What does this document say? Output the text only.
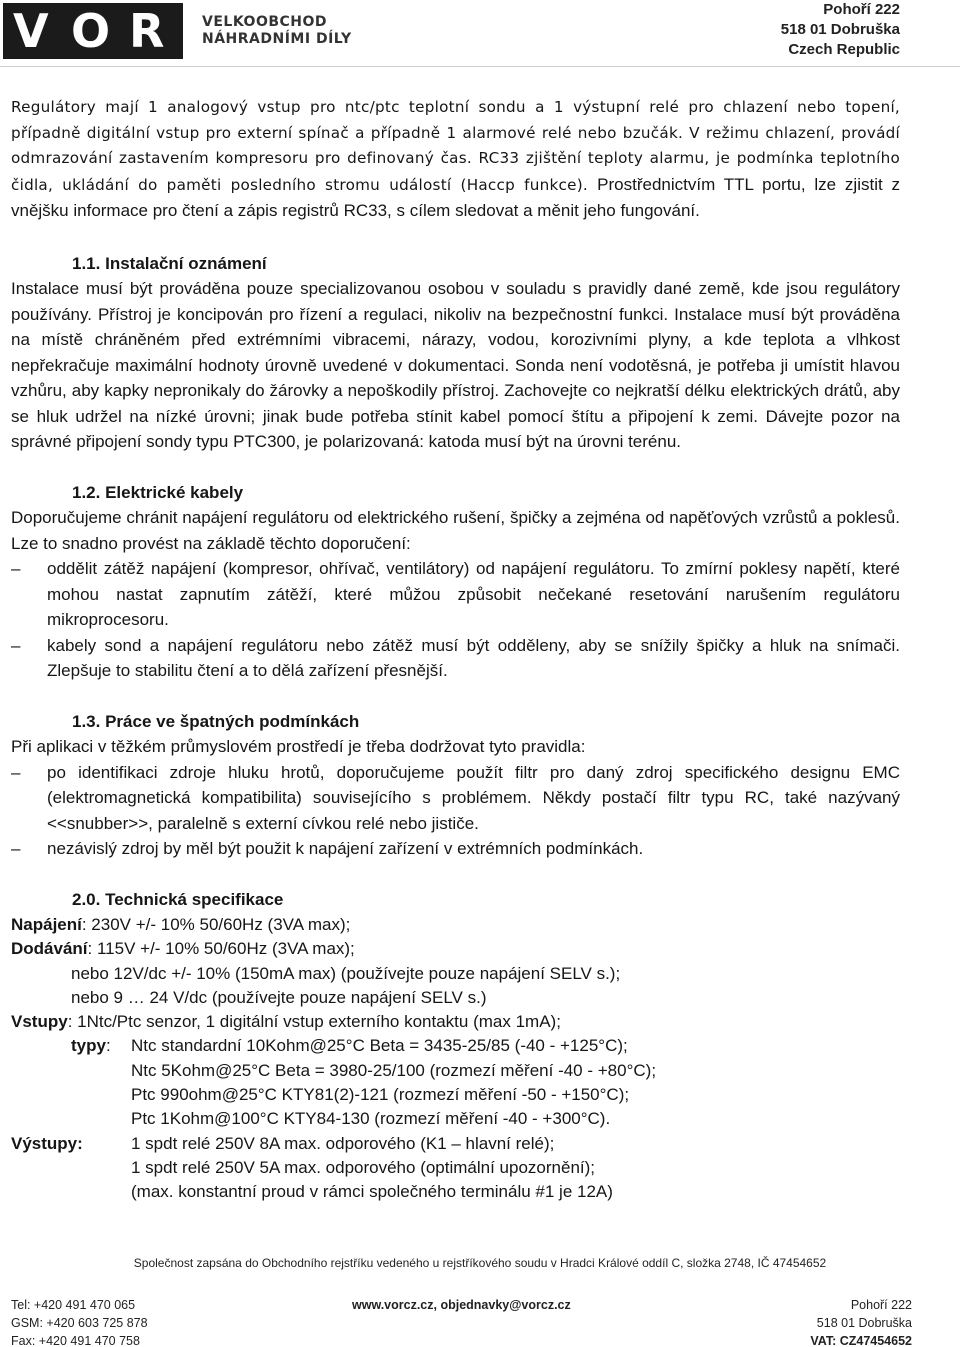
V O R	VELKOOBCHOD
NÁHRADNÍMI DÍLY
Pohoří 222
518 01 Dobruška
Czech Republic

Regulátory mají 1 analogový vstup pro ntc/ptc teplotní sondu a 1 výstupní relé pro chlazení nebo topení, případně digitální vstup pro externí spínač a případně 1 alarmové relé nebo bzučák. V režimu chlazení, provádí odmrazování zastavením kompresoru pro definovaný čas. RC33 zjištění teploty alarmu, je podmínka teplotního čidla, ukládání do paměti posledního stromu událostí (Haccp funkce). Prostřednictvím TTL portu, lze zjistit z vnějšku informace pro čtení a zápis registrů RC33, s cílem sledovat a měnit jeho fungování.

1.1. Instalační oznámení

Instalace musí být prováděna pouze specializovanou osobou v souladu s pravidly dané země, kde jsou regulátory používány. Přístroj je koncipován pro řízení a regulaci, nikoliv na bezpečnostní funkci. Instalace musí být prováděna na místě chráněném před extrémními vibracemi, nárazy, vodou, korozivními plyny, a kde teplota a vlhkost nepřekračuje maximální hodnoty úrovně uvedené v dokumentaci. Sonda není vodotěsná, je potřeba ji umístit hlavou vzhůru, aby kapky nepronikaly do žárovky a nepoškodily přístroj. Zachovejte co nejkratší délku elektrických drátů, aby se hluk udržel na nízké úrovni; jinak bude potřeba stínit kabel pomocí štítu a připojení k zemi. Dávejte pozor na správné připojení sondy typu PTC300, je polarizovaná: katoda musí být na úrovni terénu.

1.2. Elektrické kabely

Doporučujeme chránit napájení regulátoru od elektrického rušení, špičky a zejména od napěťových vzrůstů a poklesů. Lze to snadno provést na základě těchto doporučení:

– oddělit zátěž napájení (kompresor, ohřívač, ventilátory) od napájení regulátoru. To zmírní poklesy napětí, které mohou nastat zapnutím zátěží, které můžou způsobit nečekané resetování narušením regulátoru mikroprocesoru.
– kabely sond a napájení regulátoru nebo zátěž musí být odděleny, aby se snížily špičky a hluk na snímači. Zlepšuje to stabilitu čtení a to dělá zařízení přesnější.
1.3. Práce ve špatných podmínkách

Při aplikaci v těžkém průmyslovém prostředí je třeba dodržovat tyto pravidla:

– po identifikaci zdroje hluku hrotů, doporučujeme použít filtr pro daný zdroj specifického designu EMC (elektromagnetická kompatibilita) souvisejícího s problémem. Někdy postačí filtr typu RC, také nazývaný <<snubber>>, paralelně s externí cívkou relé nebo jističe.
– nezávislý zdroj by měl být použit k napájení zařízení v extrémních podmínkách.
2.0. Technická specifikace
Napájení: 230V +/- 10% 50/60Hz (3VA max);
Dodávání: 115V +/- 10% 50/60Hz (3VA max);
nebo 12V/dc +/- 10% (150mA max) (používejte pouze napájení SELV s.);
nebo 9 … 24 V/dc (používejte pouze napájení SELV s.)
Vstupy: 1Ntc/Ptc senzor, 1 digitální vstup externího kontaktu (max 1mA);
typy: Ntc standardní 10Kohm@25°C Beta = 3435-25/85 (-40 - +125°C);
Ntc 5Kohm@25°C Beta = 3980-25/100 (rozmezí měření -40 - +80°C);
Ptc 990ohm@25°C KTY81(2)-121 (rozmezí měření -50 - +150°C);
Ptc 1Kohm@100°C KTY84-130 (rozmezí měření -40 - +300°C).
Výstupy:	1 spdt relé 250V 8A max. odporového (K1 – hlavní relé);
1 spdt relé 250V 5A max. odporového (optimální upozornění);
(max. konstantní proud v rámci společného terminálu #1 je 12A)
Společnost zapsána do Obchodního rejstříku vedeného u rejstříkového soudu v Hradci Králové oddíl C, složka 2748, IČ 47454652
Tel: +420 491 470 065
GSM: +420 603 725 878
Fax: +420 491 470 758
www.vorcz.cz, objednavky@vorcz.cz	Pohoří 222
518 01 Dobruška
VAT: CZ47454652
